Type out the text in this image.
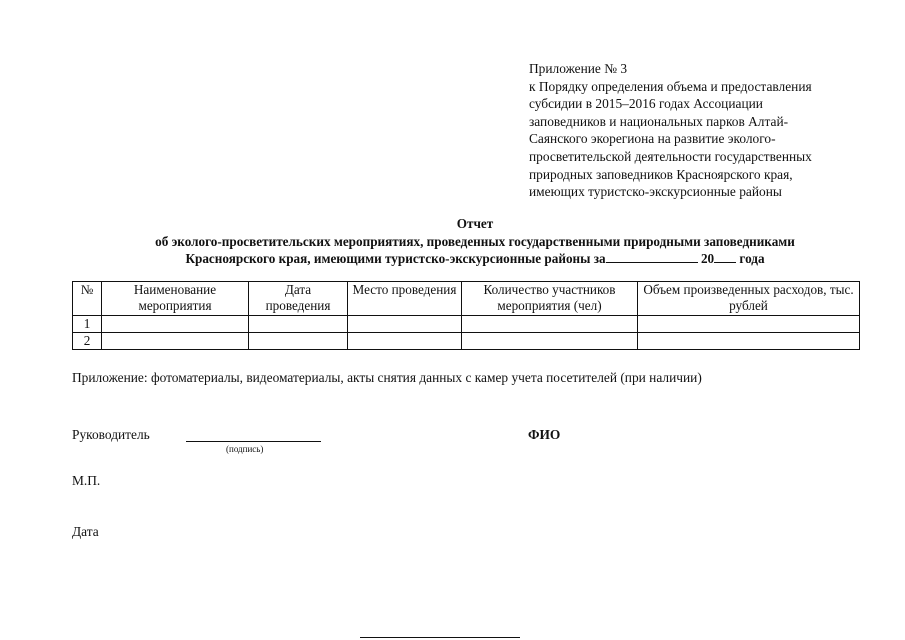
Приложение № 3
к Порядку определения объема и предоставления
субсидии в 2015–2016 годах Ассоциации
заповедников и национальных парков Алтай-
Саянского экорегиона на развитие эколого-
просветительской деятельности государственных
природных заповедников Красноярского края,
имеющих туристско-экскурсионные районы
Отчет
об эколого-просветительских мероприятиях, проведенных государственными природными заповедниками
Красноярского края, имеющими туристско-экскурсионные районы за	20 года
№	Наименование мероприятия	Дата проведения	Место проведения	Количество участников мероприятия (чел)	Объем произведенных расходов, тыс. рублей
1					
2					
Приложение: фотоматериалы, видеоматериалы, акты снятия данных с камер учета посетителей (при наличии)
Руководитель
(подпись)
ФИО
М.П.
Дата
